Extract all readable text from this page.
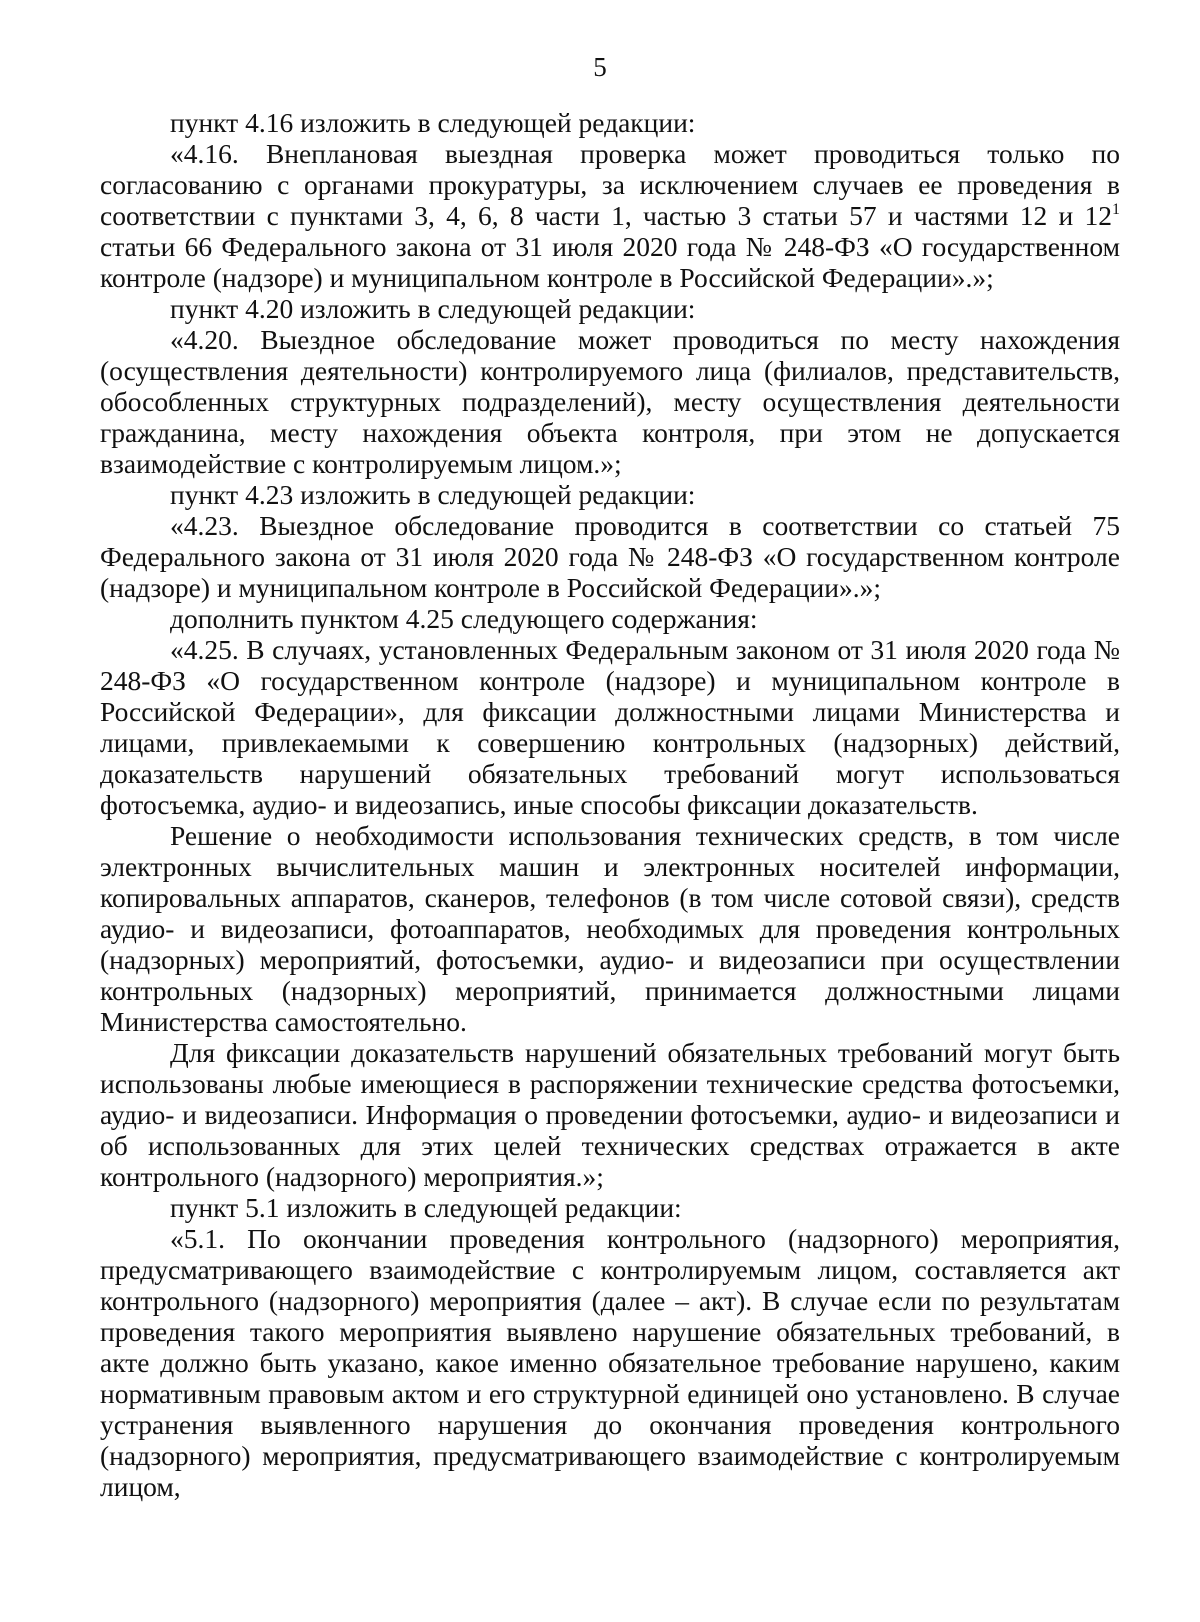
5

пункт 4.16 изложить в следующей редакции:

«4.16. Внеплановая выездная проверка может проводиться только по согласованию с органами прокуратуры, за исключением случаев ее проведения в соответствии с пунктами 3, 4, 6, 8 части 1, частью 3 статьи 57 и частями 12 и $12^1$ статьи 66 Федерального закона от 31 июля 2020 года № 248-ФЗ «О государственном контроле (надзоре) и муниципальном контроле в Российской Федерации».»;

пункт 4.20 изложить в следующей редакции:

«4.20. Выездное обследование может проводиться по месту нахождения (осуществления деятельности) контролируемого лица (филиалов, представительств, обособленных структурных подразделений), месту осуществления деятельности гражданина, месту нахождения объекта контроля, при этом не допускается взаимодействие с контролируемым лицом.»;

пункт 4.23 изложить в следующей редакции:

«4.23. Выездное обследование проводится в соответствии со статьей 75 Федерального закона от 31 июля 2020 года № 248-ФЗ «О государственном контроле (надзоре) и муниципальном контроле в Российской Федерации».»;

дополнить пунктом 4.25 следующего содержания:

«4.25. В случаях, установленных Федеральным законом от 31 июля 2020 года № 248-ФЗ «О государственном контроле (надзоре) и муниципальном контроле в Российской Федерации», для фиксации должностными лицами Министерства и лицами, привлекаемыми к совершению контрольных (надзорных) действий, доказательств нарушений обязательных требований могут использоваться фотосъемка, аудио- и видеозапись, иные способы фиксации доказательств.

Решение о необходимости использования технических средств, в том числе электронных вычислительных машин и электронных носителей информации, копировальных аппаратов, сканеров, телефонов (в том числе сотовой связи), средств аудио- и видеозаписи, фотоаппаратов, необходимых для проведения контрольных (надзорных) мероприятий, фотосъемки, аудио- и видеозаписи при осуществлении контрольных (надзорных) мероприятий, принимается должностными лицами Министерства самостоятельно.

Для фиксации доказательств нарушений обязательных требований могут быть использованы любые имеющиеся в распоряжении технические средства фотосъемки, аудио- и видеозаписи. Информация о проведении фотосъемки, аудио- и видеозаписи и об использованных для этих целей технических средствах отражается в акте контрольного (надзорного) мероприятия.»;

пункт 5.1 изложить в следующей редакции:

«5.1. По окончании проведения контрольного (надзорного) мероприятия, предусматривающего взаимодействие с контролируемым лицом, составляется акт контрольного (надзорного) мероприятия (далее – акт). В случае если по результатам проведения такого мероприятия выявлено нарушение обязательных требований, в акте должно быть указано, какое именно обязательное требование нарушено, каким нормативным правовым актом и его структурной единицей оно установлено. В случае устранения выявленного нарушения до окончания проведения контрольного (надзорного) мероприятия, предусматривающего взаимодействие с контролируемым лицом,
